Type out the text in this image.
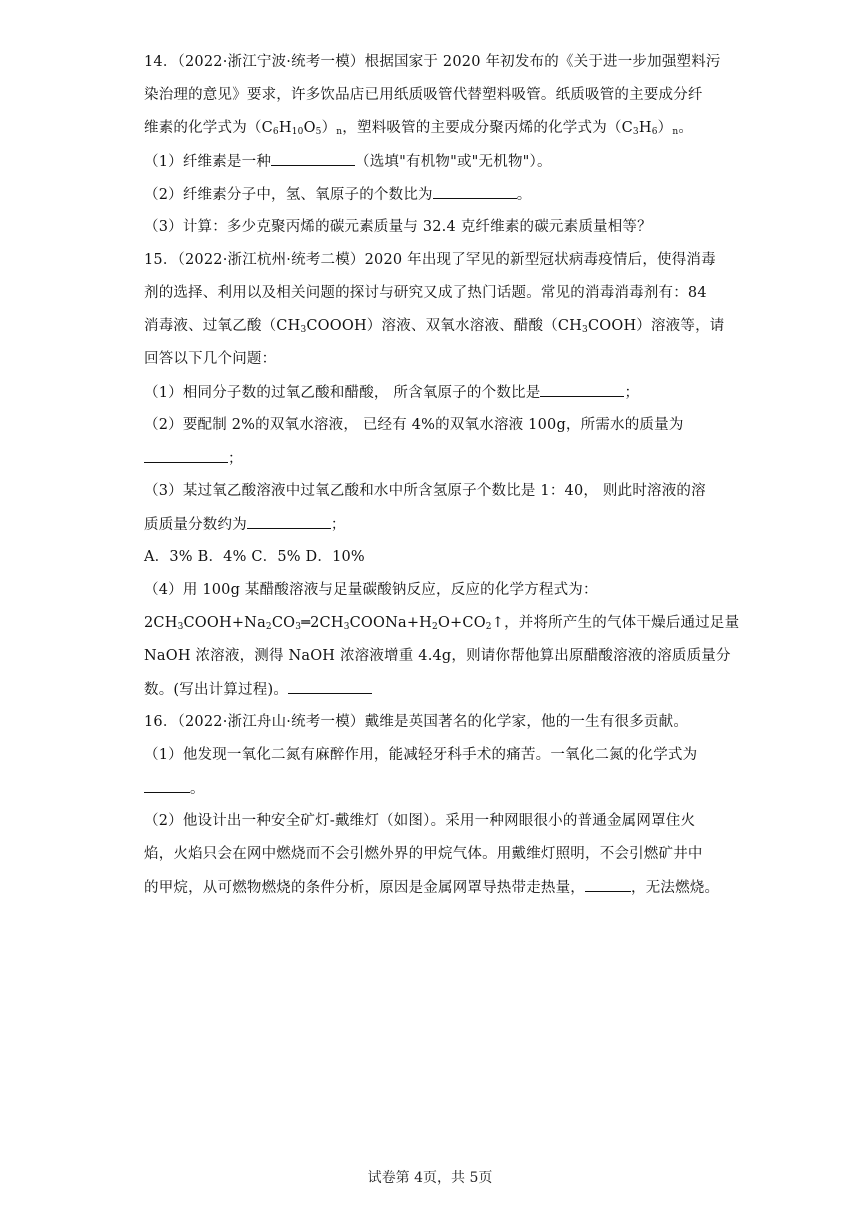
14．（2022·浙江宁波·统考一模）根据国家于 2020 年初发布的《关于进一步加强塑料污
染治理的意见》要求，许多饮品店已用纸质吸管代替塑料吸管。纸质吸管的主要成分纤
维素的化学式为$(C_6H_{10}O_5)_n$，塑料吸管的主要成分聚丙烯的化学式为$(C_3H_6)_n$。
（1）纤维素是一种	（选填"有机物"或"无机物"）。
（2）纤维素分子中，氢、氧原子的个数比为	。
（3）计算：多少克聚丙烯的碳元素质量与 32.4 克纤维素的碳元素质量相等？
15．（2022·浙江杭州·统考二模）2020 年出现了罕见的新型冠状病毒疫情后，使得消毒
剂的选择、利用以及相关问题的探讨与研究又成了热门话题。常见的消毒消毒剂有：84
消毒液、过氧乙酸$(CH_3COOOH)$溶液、双氧水溶液、醋酸$(CH_3COOH)$溶液等，请
回答以下几个问题：
（1）相同分子数的过氧乙酸和醋酸， 所含氧原子的个数比是	；
（2）要配制 2%的双氧水溶液， 已经有 4%的双氧水溶液 100g，所需水的质量为
；
（3）某过氧乙酸溶液中过氧乙酸和水中所含氢原子个数比是 1：40， 则此时溶液的溶
质质量分数约为	；
A．3% B．4% C．5% D．10%
（4）用 100g 某醋酸溶液与足量碳酸钠反应，反应的化学方程式为：
$2CH_3COOH+Na_2CO_3═2CH_3COONa+H_2O+CO_2↑$，并将所产生的气体干燥后通过足量
NaOH 浓溶液，测得 NaOH 浓溶液增重 4.4g，则请你帮他算出原醋酸溶液的溶质质量分
数。(写出计算过程)。
16．（2022·浙江舟山·统考一模）戴维是英国著名的化学家，他的一生有很多贡献。
（1）他发现一氧化二氮有麻醉作用，能减轻牙科手术的痛苦。一氧化二氮的化学式为
。
（2）他设计出一种安全矿灯-戴维灯（如图）。采用一种网眼很小的普通金属网罩住火
焰，火焰只会在网中燃烧而不会引燃外界的甲烷气体。用戴维灯照明，不会引燃矿井中
的甲烷，从可燃物燃烧的条件分析，原因是金属网罩导热带走热量，	，无法燃烧。
试卷第 4页，共 5页
